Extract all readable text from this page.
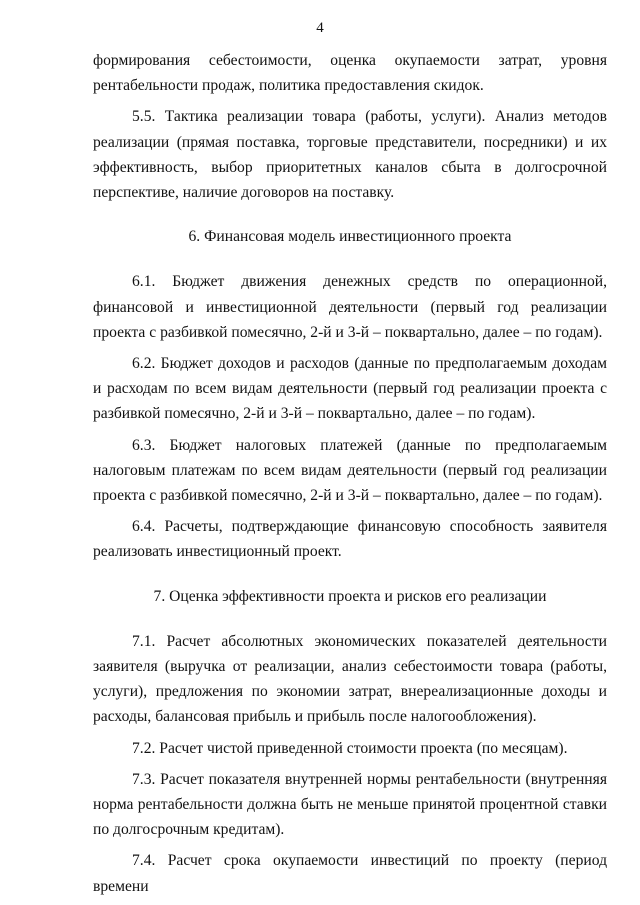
4

формирования себестоимости, оценка окупаемости затрат, уровня рентабельности продаж, политика предоставления скидок.

5.5. Тактика реализации товара (работы, услуги). Анализ методов реализации (прямая поставка, торговые представители, посредники) и их эффективность, выбор приоритетных каналов сбыта в долгосрочной перспективе, наличие договоров на поставку.

6. Финансовая модель инвестиционного проекта

6.1. Бюджет движения денежных средств по операционной, финансовой и инвестиционной деятельности (первый год реализации проекта с разбивкой помесячно, 2-й и 3-й – поквартально, далее – по годам).

6.2. Бюджет доходов и расходов (данные по предполагаемым доходам и расходам по всем видам деятельности (первый год реализации проекта с разбивкой помесячно, 2-й и 3-й – поквартально, далее – по годам).

6.3. Бюджет налоговых платежей (данные по предполагаемым налоговым платежам по всем видам деятельности (первый год реализации проекта с разбивкой помесячно, 2-й и 3-й – поквартально, далее – по годам).

6.4. Расчеты, подтверждающие финансовую способность заявителя реализовать инвестиционный проект.

7. Оценка эффективности проекта и рисков его реализации

7.1. Расчет абсолютных экономических показателей деятельности заявителя (выручка от реализации, анализ себестоимости товара (работы, услуги), предложения по экономии затрат, внереализационные доходы и расходы, балансовая прибыль и прибыль после налогообложения).

7.2. Расчет чистой приведенной стоимости проекта (по месяцам).

7.3. Расчет показателя внутренней нормы рентабельности (внутренняя норма рентабельности должна быть не меньше принятой процентной ставки по долгосрочным кредитам).

7.4. Расчет срока окупаемости инвестиций по проекту (период времени
